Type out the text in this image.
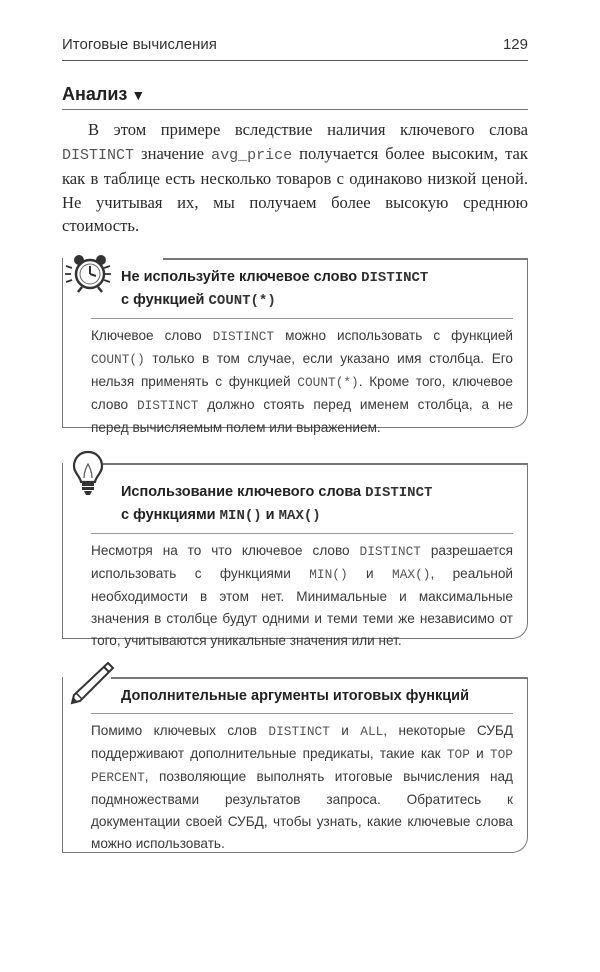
Итоговые вычисления	129
Анализ ▼

В этом примере вследствие наличия ключевого слова DISTINCT значение avg_price получается более высоким, так как в таблице есть несколько товаров с одинаково низкой ценой. Не учитывая их, мы получаем более высокую среднюю стоимость.

Не используйте ключевое слово DISTINCT
с функцией COUNT(*)
Ключевое слово DISTINCT можно использовать с функцией COUNT() только в том случае, если указано имя столбца. Его нельзя применять с функцией COUNT(*). Кроме того, ключевое слово DISTINCT должно стоять перед именем столбца, а не перед вычисляемым полем или выражением.
Использование ключевого слова DISTINCT
с функциями MIN() и MAX()
Несмотря на то что ключевое слово DISTINCT разрешается использовать с функциями MIN() и MAX(), реальной необходимости в этом нет. Минимальные и максимальные значения в столбце будут одними и теми теми же независимо от того, учитываются уникальные значения или нет.
Дополнительные аргументы итоговых функций
Помимо ключевых слов DISTINCT и ALL, некоторые СУБД поддерживают дополнительные предикаты, такие как TOP и TOP PERCENT, позволяющие выполнять итоговые вычисления над подмножествами результатов запроса. Обратитесь к документации своей СУБД, чтобы узнать, какие ключевые слова можно использовать.
